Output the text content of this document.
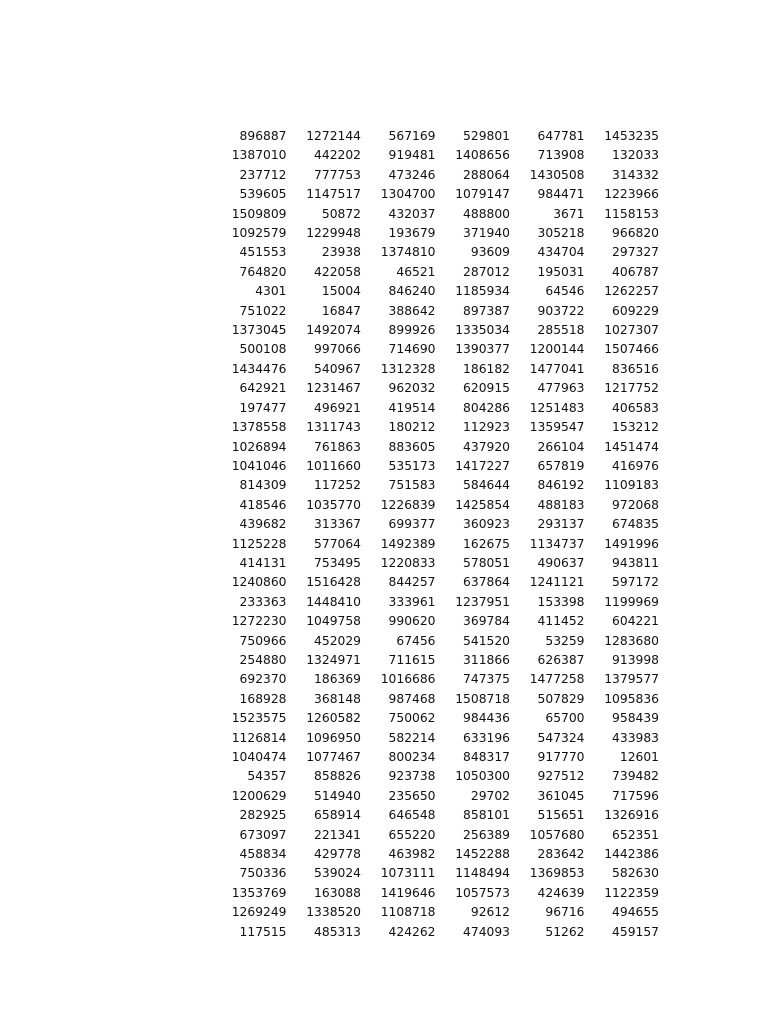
896887	1272144	567169	529801	647781	1453235
1387010	442202	919481	1408656	713908	132033
237712	777753	473246	288064	1430508	314332
539605	1147517	1304700	1079147	984471	1223966
1509809	50872	432037	488800	3671	1158153
1092579	1229948	193679	371940	305218	966820
451553	23938	1374810	93609	434704	297327
764820	422058	46521	287012	195031	406787
4301	15004	846240	1185934	64546	1262257
751022	16847	388642	897387	903722	609229
1373045	1492074	899926	1335034	285518	1027307
500108	997066	714690	1390377	1200144	1507466
1434476	540967	1312328	186182	1477041	836516
642921	1231467	962032	620915	477963	1217752
197477	496921	419514	804286	1251483	406583
1378558	1311743	180212	112923	1359547	153212
1026894	761863	883605	437920	266104	1451474
1041046	1011660	535173	1417227	657819	416976
814309	117252	751583	584644	846192	1109183
418546	1035770	1226839	1425854	488183	972068
439682	313367	699377	360923	293137	674835
1125228	577064	1492389	162675	1134737	1491996
414131	753495	1220833	578051	490637	943811
1240860	1516428	844257	637864	1241121	597172
233363	1448410	333961	1237951	153398	1199969
1272230	1049758	990620	369784	411452	604221
750966	452029	67456	541520	53259	1283680
254880	1324971	711615	311866	626387	913998
692370	186369	1016686	747375	1477258	1379577
168928	368148	987468	1508718	507829	1095836
1523575	1260582	750062	984436	65700	958439
1126814	1096950	582214	633196	547324	433983
1040474	1077467	800234	848317	917770	12601
54357	858826	923738	1050300	927512	739482
1200629	514940	235650	29702	361045	717596
282925	658914	646548	858101	515651	1326916
673097	221341	655220	256389	1057680	652351
458834	429778	463982	1452288	283642	1442386
750336	539024	1073111	1148494	1369853	582630
1353769	163088	1419646	1057573	424639	1122359
1269249	1338520	1108718	92612	96716	494655
117515	485313	424262	474093	51262	459157
